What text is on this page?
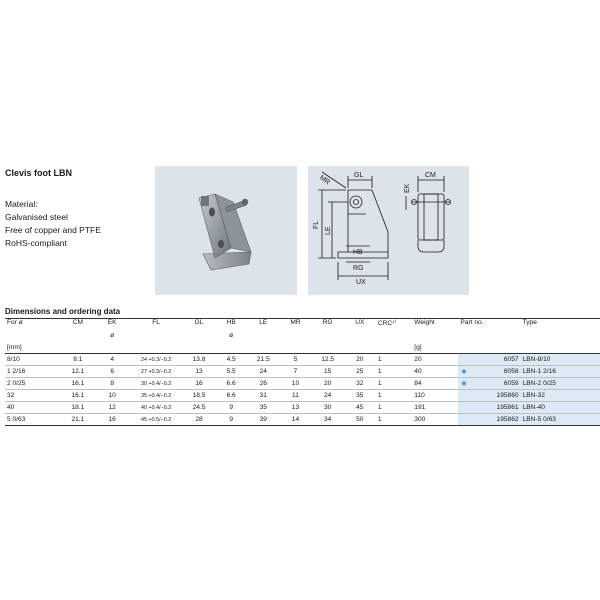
Clevis foot LBN
Material:
Galvanised steel
Free of copper and PTFE
RoHS-compliant
GL
MR
FL
LE
HB
RG
UX
CM
EK
Dimensions and ordering data
For ø	CM	EK	FL	GL	HB	LE	MR	RG	UX	CRC¹⁾	Weight	Part no.	Type
		ø			ø								
[mm]											[g]		
8/10	8.1	4	24 +0.3/−0.2	13.8	4.5	21.5	5	12.5	20	1	20	6057	LBN-8/10
1 2/16	12.1	6	27 +0.3/−0.2	13	5.5	24	7	15	25	1	40	★ 6058	LBN-1 2/16
2 0/25	16.1	8	30 +0.4/−0.2	16	6.6	26	10	20	32	1	84	★ 6059	LBN-2 0/25
32	16.1	10	35 +0.4/−0.2	18.5	6.6	31	11	24	35	1	110	195860	LBN-32
40	18.1	12	40 +0.4/−0.2	24.5	9	35	13	30	45	1	191	195861	LBN-40
5 0/63	21.1	16	45 +0.5/−0.2	28	9	39	14	34	50	1	300	195862	LBN-5 0/63
